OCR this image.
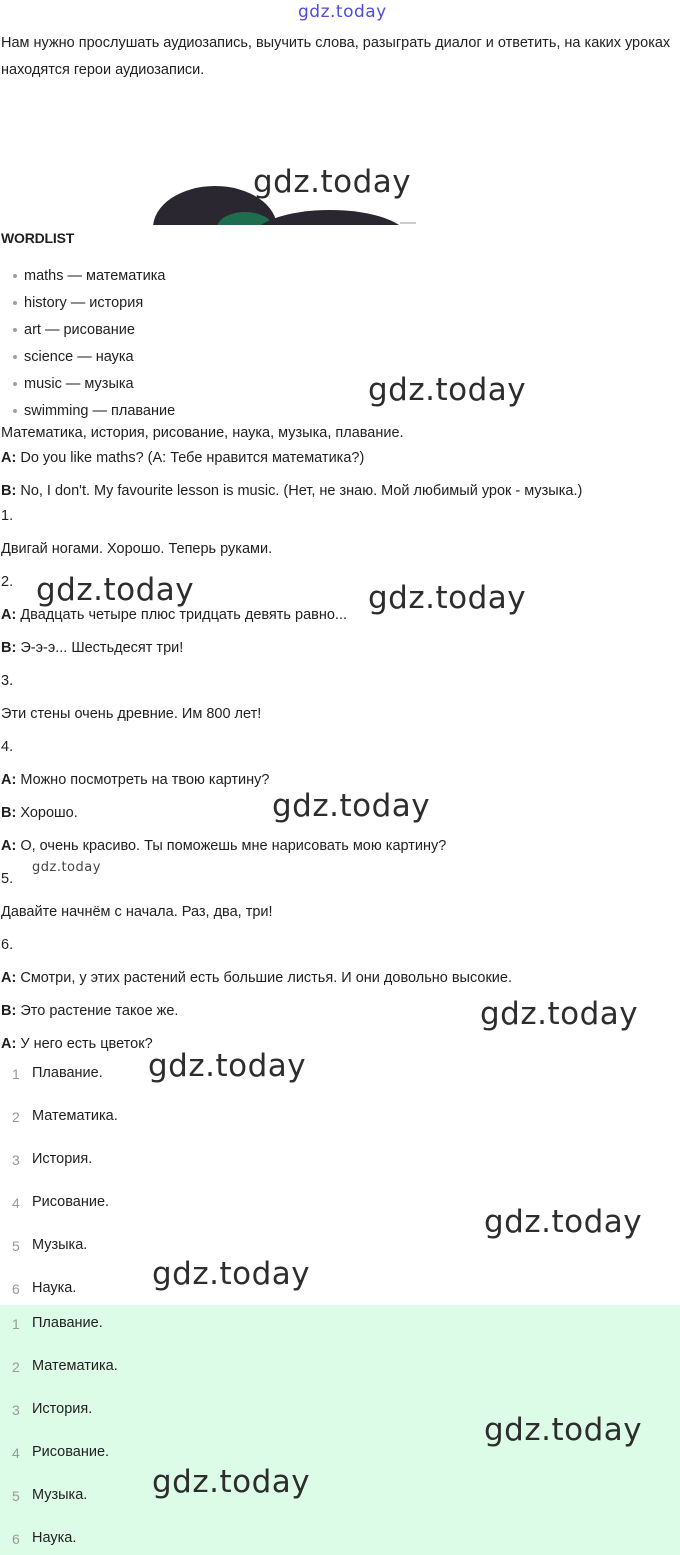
gdz.today
Нам нужно прослушать аудиозапись, выучить слова, разыграть диалог и ответить, на каких уроках находятся герои аудиозаписи.
gdz.today
WORDLIST
maths — математика
history — история
art — рисование
science — наука
music — музыка
swimming — плавание
gdz.today
Математика, история, рисование, наука, музыка, плавание.
A: Do you like maths? (A: Тебе нравится математика?)
B: No, I don't. My favourite lesson is music. (Нет, не знаю. Мой любимый урок - музыка.)
1.
Двигай ногами. Хорошо. Теперь руками.
2. gdz.today	gdz.today
A: Двадцать четыре плюс тридцать девять равно...
B: Э-э-э... Шестьдесят три!
3.
Эти стены очень древние. Им 800 лет!
4.
A: Можно посмотреть на твою картину?
gdz.today
B: Хорошо.
A: О, очень красиво. Ты поможешь мне нарисовать мою картину?
5.
gdz.today
Давайте начнём с начала. Раз, два, три!
6.
A: Смотри, у этих растений есть большие листья. И они довольно высокие.
gdz.today
B: Это растение такое же.
A: У него есть цветок?
1 Плавание.
2 Математика.
3 История.
4 Рисование.
5 Музыка.
6 Наука.
gdz.today
gdz.today
gdz.today
1 Плавание.
2 Математика.
3 История.
4 Рисование.
5 Музыка.
6 Наука.
gdz.today
gdz.today
